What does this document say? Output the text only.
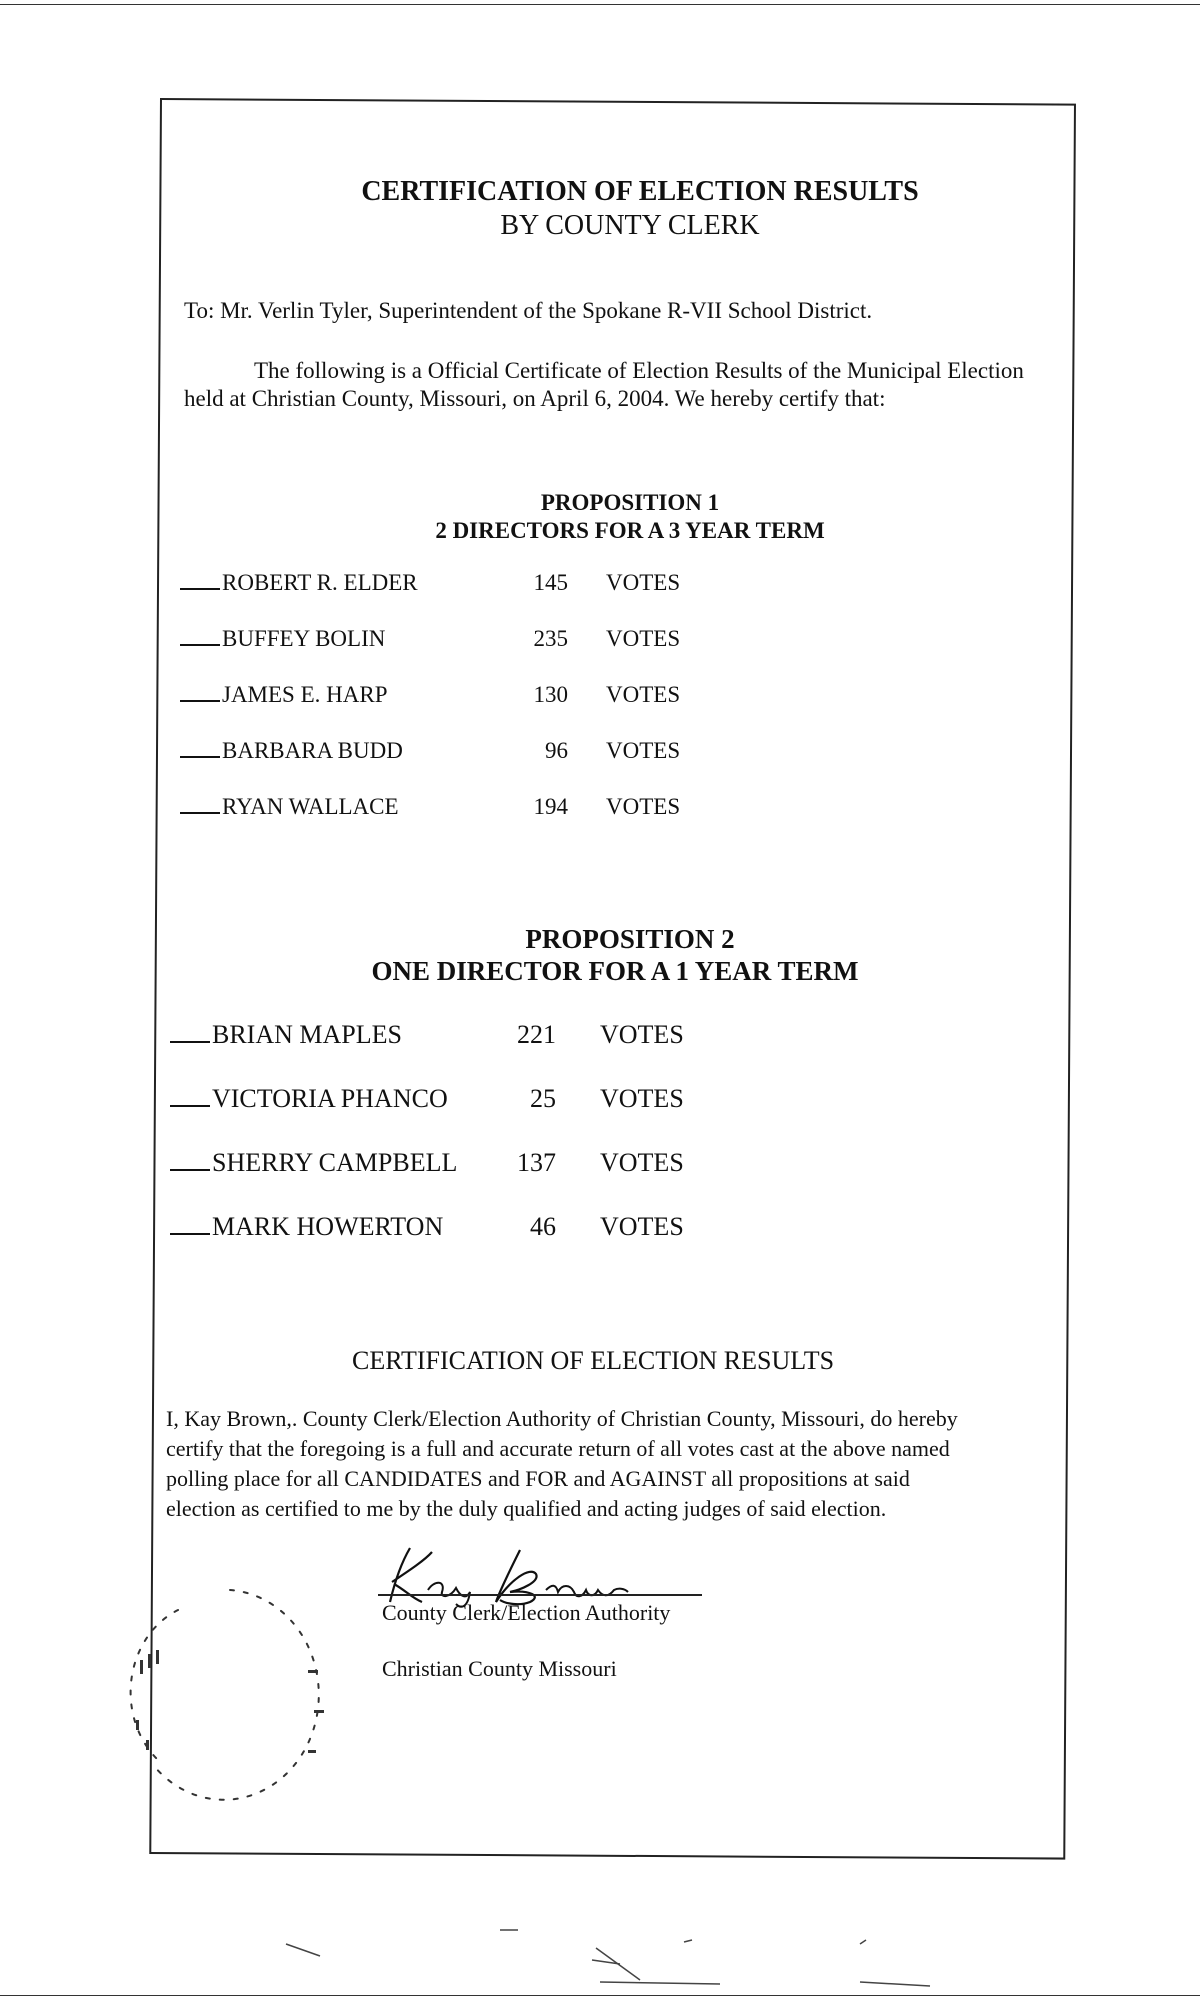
CERTIFICATION OF ELECTION RESULTS
BY COUNTY CLERK
To: Mr. Verlin Tyler, Superintendent of the Spokane R-VII School District.
The following is a Official Certificate of Election Results of the Municipal Election
held at Christian County, Missouri, on April 6, 2004. We hereby certify that:
PROPOSITION 1
2 DIRECTORS FOR A 3 YEAR TERM
ROBERT R. ELDER	145 VOTES
BUFFEY BOLIN	235 VOTES
JAMES E. HARP	130 VOTES
BARBARA BUDD	96 VOTES
RYAN WALLACE	194 VOTES
PROPOSITION 2
ONE DIRECTOR FOR A 1 YEAR TERM
BRIAN MAPLES	221 VOTES
VICTORIA PHANCO	25 VOTES
SHERRY CAMPBELL	137 VOTES
MARK HOWERTON	46 VOTES
CERTIFICATION OF ELECTION RESULTS
I, Kay Brown,. County Clerk/Election Authority of Christian County, Missouri, do hereby
certify that the foregoing is a full and accurate return of all votes cast at the above named
polling place for all CANDIDATES and FOR and AGAINST all propositions at said
election as certified to me by the duly qualified and acting judges of said election.
County Clerk/Election Authority
Christian County Missouri
